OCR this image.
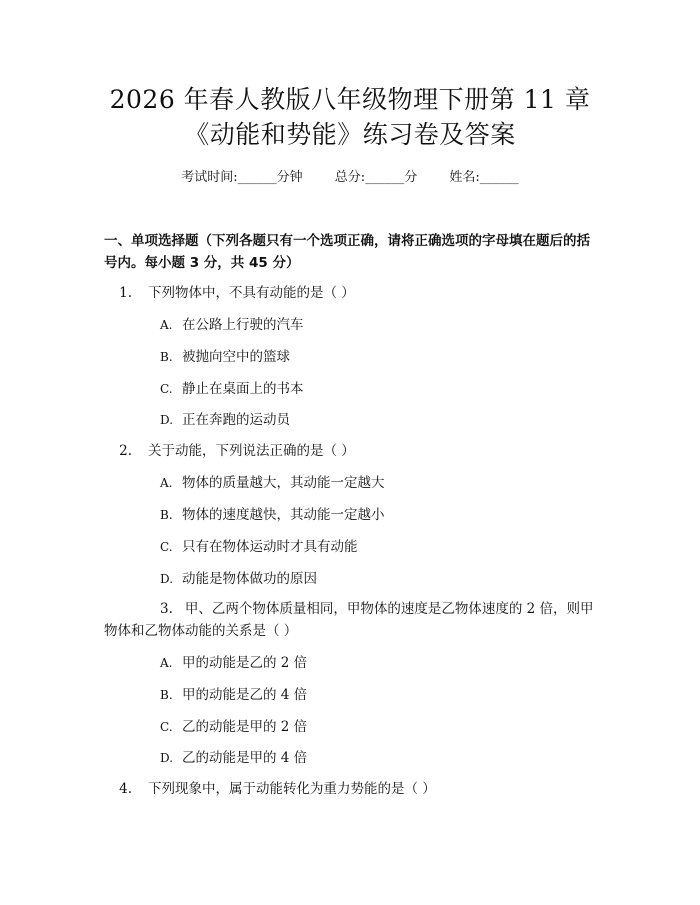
2026 年春人教版八年级物理下册第 11 章
《动能和势能》练习卷及答案
考试时间:______分钟 总分:______分 姓名:______
一、单项选择题（下列各题只有一个选项正确，请将正确选项的字母填在题后的括号内。每小题 3 分，共 45 分）
1. 下列物体中，不具有动能的是（ ）
A. 在公路上行驶的汽车
B. 被抛向空中的篮球
C. 静止在桌面上的书本
D. 正在奔跑的运动员
2. 关于动能，下列说法正确的是（ ）
A. 物体的质量越大，其动能一定越大
B. 物体的速度越快，其动能一定越小
C. 只有在物体运动时才具有动能
D. 动能是物体做功的原因
3. 甲、乙两个物体质量相同，甲物体的速度是乙物体速度的 2 倍，则甲物体和乙物体动能的关系是（ ）
A. 甲的动能是乙的 2 倍
B. 甲的动能是乙的 4 倍
C. 乙的动能是甲的 2 倍
D. 乙的动能是甲的 4 倍
4. 下列现象中，属于动能转化为重力势能的是（ ）
